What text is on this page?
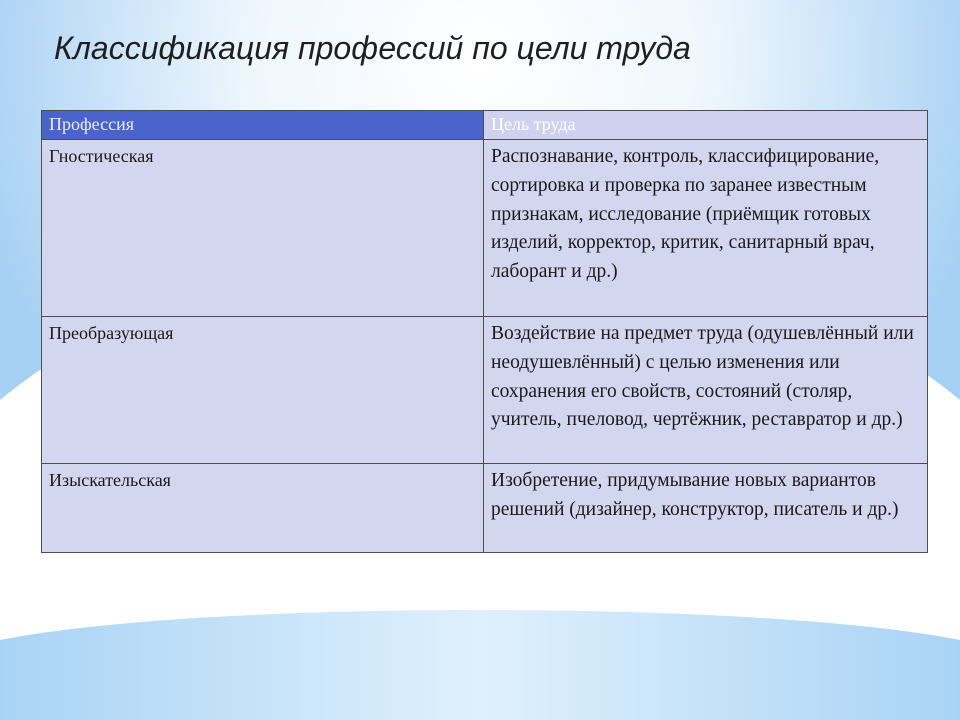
Классификация профессий по цели труда
Профессия	Цель труда
Гностическая	Распознавание, контроль, классифицирование, сортировка и проверка по заранее известным признакам, исследование (приёмщик готовых изделий, корректор, критик, санитарный врач, лаборант и др.)
Преобразующая	Воздействие на предмет труда (одушевлённый или неодушевлённый) с целью изменения или сохранения его свойств, состояний (столяр, учитель, пчеловод, чертёжник, реставратор и др.)
Изыскательская	Изобретение, придумывание новых вариантов решений (дизайнер, конструктор, писатель и др.)
